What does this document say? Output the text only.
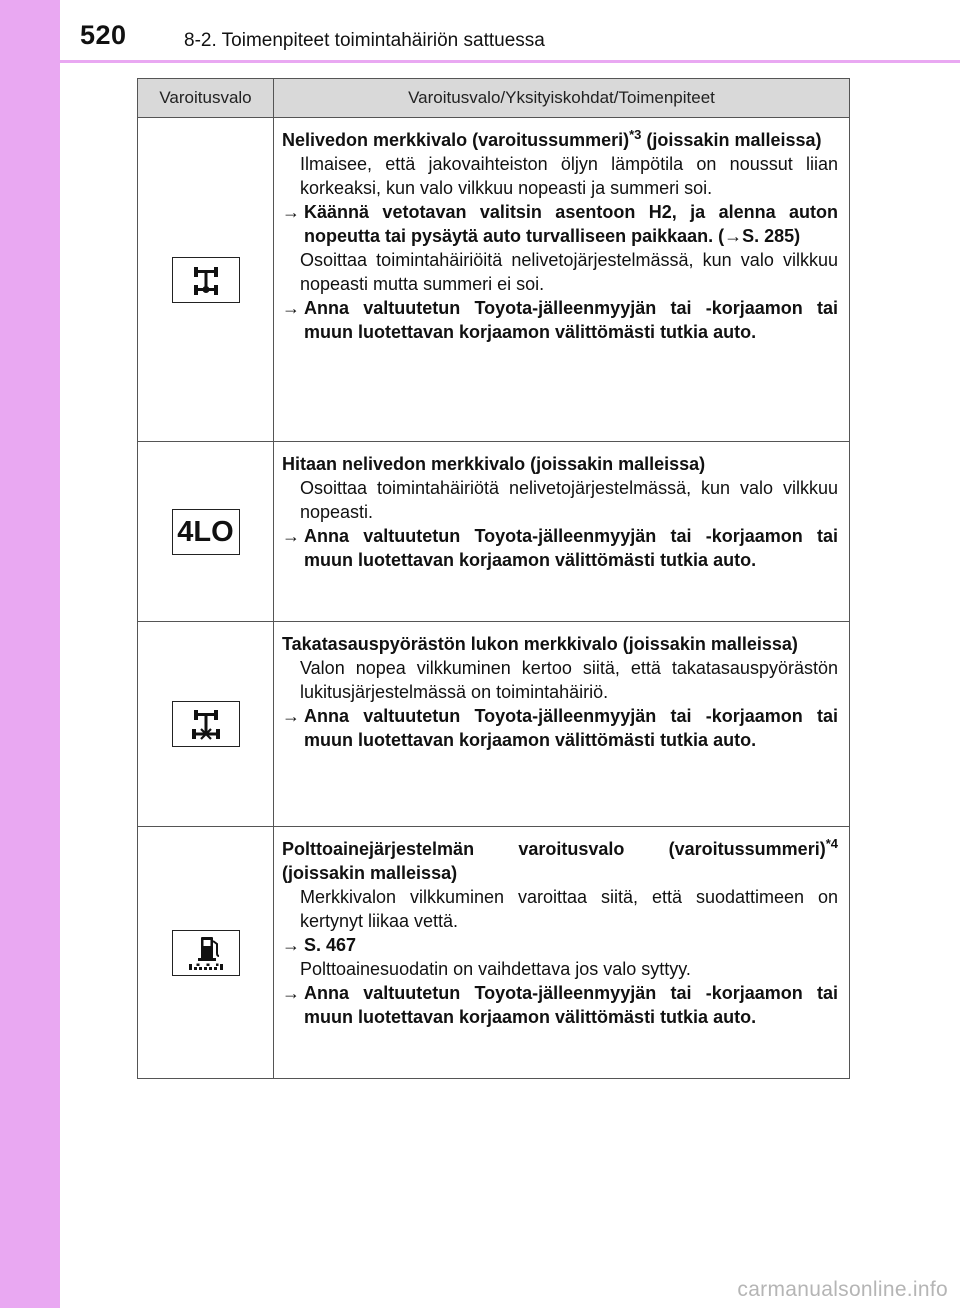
520	8-2. Toimenpiteet toimintahäiriön sattuessa
Varoitusvalo	Varoitusvalo/Yksityiskohdat/Toimenpiteet

Nelivedon merkkivalo (varoitussummeri)$^{*3}$ (joissakin malleissa)

Ilmaisee, että jakovaihteiston öljyn lämpötila on noussut liian korkeaksi, kun valo vilkkuu nopeasti ja summeri soi.

→ Käännä vetotavan valitsin asentoon H2, ja alenna auton nopeutta tai pysäytä auto turvalliseen paikkaan. (→S. 285)

Osoittaa toimintahäiriöitä nelivetojärjestelmässä, kun valo vilkkuu nopeasti mutta summeri ei soi.

→ Anna valtuutetun Toyota-jälleenmyyjän tai -korjaamon tai muun luotettavan korjaamon välittömästi tutkia auto.

4LO	Hitaan nelivedon merkkivalo (joissakin malleissa)

Osoittaa toimintahäiriötä nelivetojärjestelmässä, kun valo vilkkuu nopeasti.

→ Anna valtuutetun Toyota-jälleenmyyjän tai -korjaamon tai muun luotettavan korjaamon välittömästi tutkia auto.

Takatasauspyörästön lukon merkkivalo (joissakin malleissa)

Valon nopea vilkkuminen kertoo siitä, että takatasauspyörästön lukitusjärjestelmässä on toimintahäiriö.

→ Anna valtuutetun Toyota-jälleenmyyjän tai -korjaamon tai muun luotettavan korjaamon välittömästi tutkia auto.

Polttoainejärjestelmän varoitusvalo (varoitussummeri)$^{*4}$ (joissakin malleissa)

Merkkivalon vilkkuminen varoittaa siitä, että suodattimeen on kertynyt liikaa vettä.

→ S. 467

Polttoainesuodatin on vaihdettava jos valo syttyy.

→ Anna valtuutetun Toyota-jälleenmyyjän tai -korjaamon tai muun luotettavan korjaamon välittömästi tutkia auto.

carmanualsonline.info
